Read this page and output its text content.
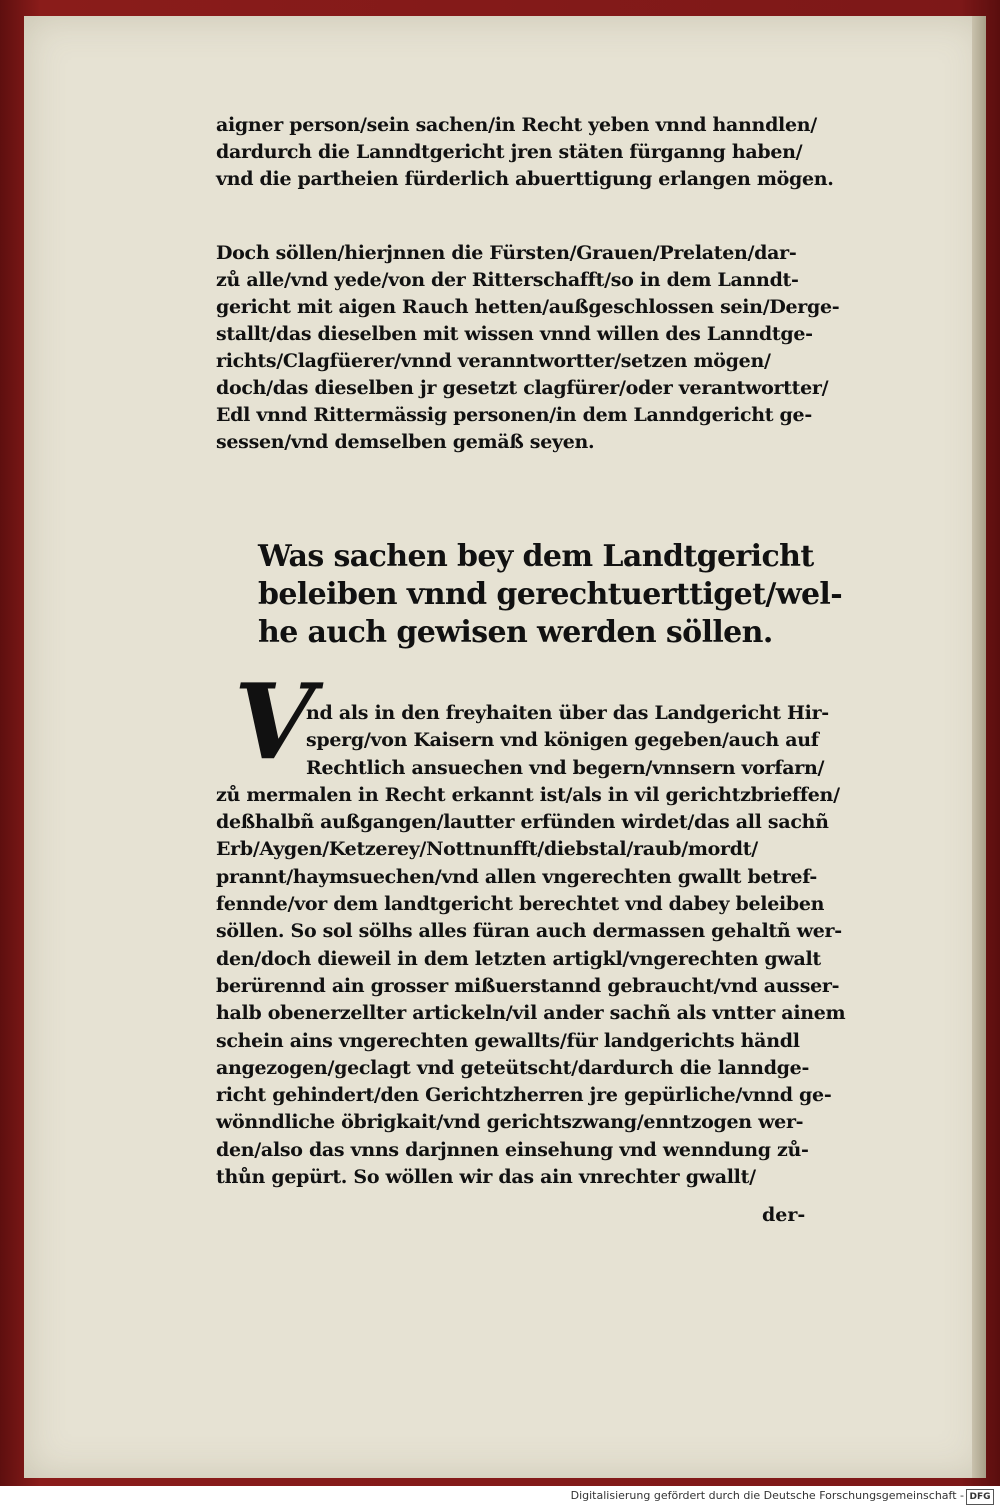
aigner person/sein sachen/in Recht yeben vnnd hanndlen/
dardurch die Lanndtgericht jren stäten fürganng haben/
vnd die partheien fürderlich abuerttigung erlangen mögen.
Doch söllen/hierjnnen die Fürsten/Grauen/Prelaten/dar-
zů alle/vnd yede/von der Ritterschafft/so in dem Lanndt-
gericht mit aigen Rauch hetten/außgeschlossen sein/Derge-
stallt/das dieselben mit wissen vnnd willen des Lanndtge-
richts/Clagfüerer/vnnd veranntwortter/setzen mögen/
doch/das dieselben jr gesetzt clagfürer/oder verantwortter/
Edl vnnd Rittermässig personen/in dem Lanndgericht ge-
sessen/vnd demselben gemäß seyen.
Was sachen bey dem Landtgericht
beleiben vnnd gerechtuerttiget/wel-
he auch gewisen werden söllen.
V
nd als in den freyhaiten über das Landgericht Hir-
sperg/von Kaisern vnd königen gegeben/auch auf
Rechtlich ansuechen vnd begern/vnnsern vorfarn/
zů mermalen in Recht erkannt ist/als in vil gerichtzbrieffen/
deßhalbñ außgangen/lautter erfünden wirdet/das all sachñ
Erb/Aygen/Ketzerey/Nottnunfft/diebstal/raub/mordt/
prannt/haymsuechen/vnd allen vngerechten gwallt betref-
fennde/vor dem landtgericht berechtet vnd dabey beleiben
söllen. So sol sölhs alles füran auch dermassen gehaltñ wer-
den/doch dieweil in dem letzten artigkl/vngerechten gwalt
berürennd ain grosser mißuerstannd gebraucht/vnd ausser-
halb obenerzellter artickeln/vil ander sachñ als vntter ainem
schein ains vngerechten gewallts/für landgerichts händl
angezogen/geclagt vnd geteütscht/dardurch die lanndge-
richt gehindert/den Gerichtzherren jre gepürliche/vnnd ge-
wönndliche öbrigkait/vnd gerichtszwang/enntzogen wer-
den/also das vnns darjnnen einsehung vnd wenndung zů-
thůn gepürt. So wöllen wir das ain vnrechter gwallt/
der-
Digitalisierung gefördert durch die Deutsche Forschungsgemeinschaft - DFG
